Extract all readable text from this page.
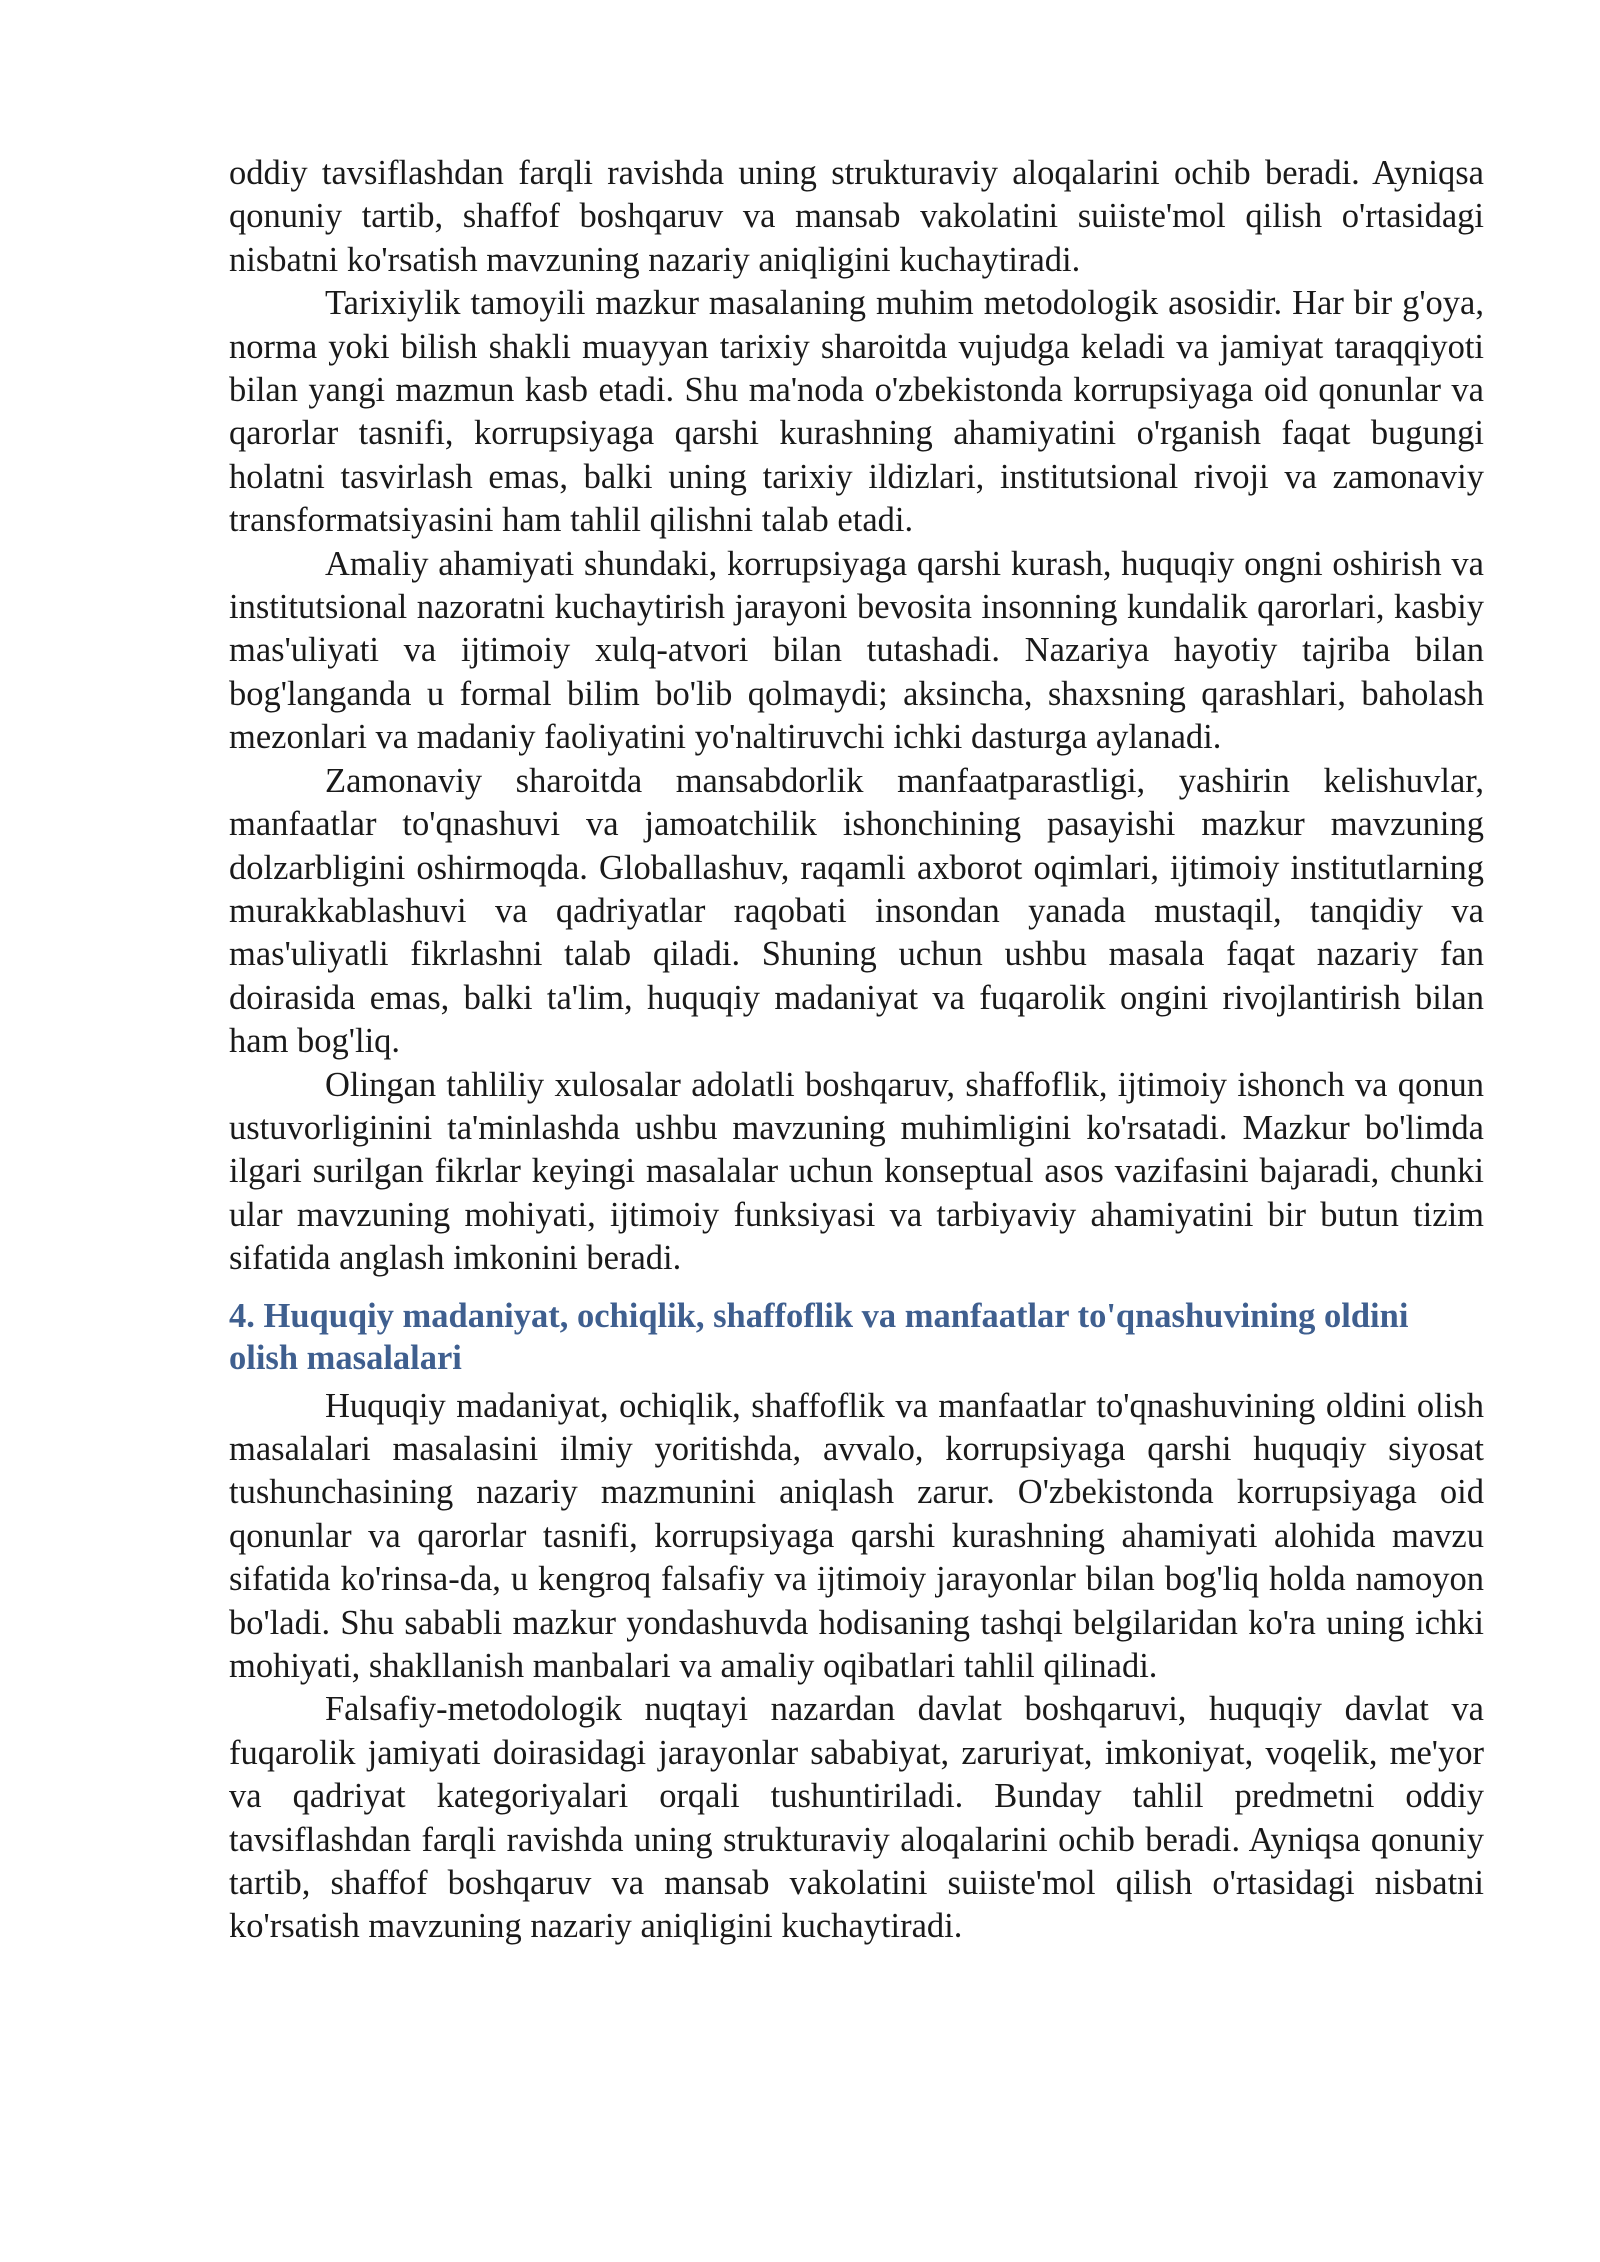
oddiy tavsiflashdan farqli ravishda uning strukturaviy aloqalarini ochib beradi. Ayniqsa qonuniy tartib, shaffof boshqaruv va mansab vakolatini suiiste'mol qilish o'rtasidagi nisbatni ko'rsatish mavzuning nazariy aniqligini kuchaytiradi.

Tarixiylik tamoyili mazkur masalaning muhim metodologik asosidir. Har bir g'oya, norma yoki bilish shakli muayyan tarixiy sharoitda vujudga keladi va jamiyat taraqqiyoti bilan yangi mazmun kasb etadi. Shu ma'noda o'zbekistonda korrupsiyaga oid qonunlar va qarorlar tasnifi, korrupsiyaga qarshi kurashning ahamiyatini o'rganish faqat bugungi holatni tasvirlash emas, balki uning tarixiy ildizlari, institutsional rivoji va zamonaviy transformatsiyasini ham tahlil qilishni talab etadi.

Amaliy ahamiyati shundaki, korrupsiyaga qarshi kurash, huquqiy ongni oshirish va institutsional nazoratni kuchaytirish jarayoni bevosita insonning kundalik qarorlari, kasbiy mas'uliyati va ijtimoiy xulq-atvori bilan tutashadi. Nazariya hayotiy tajriba bilan bog'langanda u formal bilim bo'lib qolmaydi; aksincha, shaxsning qarashlari, baholash mezonlari va madaniy faoliyatini yo'naltiruvchi ichki dasturga aylanadi.

Zamonaviy sharoitda mansabdorlik manfaatparastligi, yashirin kelishuvlar, manfaatlar to'qnashuvi va jamoatchilik ishonchining pasayishi mazkur mavzuning dolzarbligini oshirmoqda. Globallashuv, raqamli axborot oqimlari, ijtimoiy institutlarning murakkablashuvi va qadriyatlar raqobati insondan yanada mustaqil, tanqidiy va mas'uliyatli fikrlashni talab qiladi. Shuning uchun ushbu masala faqat nazariy fan doirasida emas, balki ta'lim, huquqiy madaniyat va fuqarolik ongini rivojlantirish bilan ham bog'liq.

Olingan tahliliy xulosalar adolatli boshqaruv, shaffoflik, ijtimoiy ishonch va qonun ustuvorliginini ta'minlashda ushbu mavzuning muhimligini ko'rsatadi. Mazkur bo'limda ilgari surilgan fikrlar keyingi masalalar uchun konseptual asos vazifasini bajaradi, chunki ular mavzuning mohiyati, ijtimoiy funksiyasi va tarbiyaviy ahamiyatini bir butun tizim sifatida anglash imkonini beradi.

4. Huquqiy madaniyat, ochiqlik, shaffoflik va manfaatlar to'qnashuvining oldini olish masalalari

Huquqiy madaniyat, ochiqlik, shaffoflik va manfaatlar to'qnashuvining oldini olish masalalari masalasini ilmiy yoritishda, avvalo, korrupsiyaga qarshi huquqiy siyosat tushunchasining nazariy mazmunini aniqlash zarur. O'zbekistonda korrupsiyaga oid qonunlar va qarorlar tasnifi, korrupsiyaga qarshi kurashning ahamiyati alohida mavzu sifatida ko'rinsa-da, u kengroq falsafiy va ijtimoiy jarayonlar bilan bog'liq holda namoyon bo'ladi. Shu sababli mazkur yondashuvda hodisaning tashqi belgilaridan ko'ra uning ichki mohiyati, shakllanish manbalari va amaliy oqibatlari tahlil qilinadi.

Falsafiy-metodologik nuqtayi nazardan davlat boshqaruvi, huquqiy davlat va fuqarolik jamiyati doirasidagi jarayonlar sababiyat, zaruriyat, imkoniyat, voqelik, me'yor va qadriyat kategoriyalari orqali tushuntiriladi. Bunday tahlil predmetni oddiy tavsiflashdan farqli ravishda uning strukturaviy aloqalarini ochib beradi. Ayniqsa qonuniy tartib, shaffof boshqaruv va mansab vakolatini suiiste'mol qilish o'rtasidagi nisbatni ko'rsatish mavzuning nazariy aniqligini kuchaytiradi.
